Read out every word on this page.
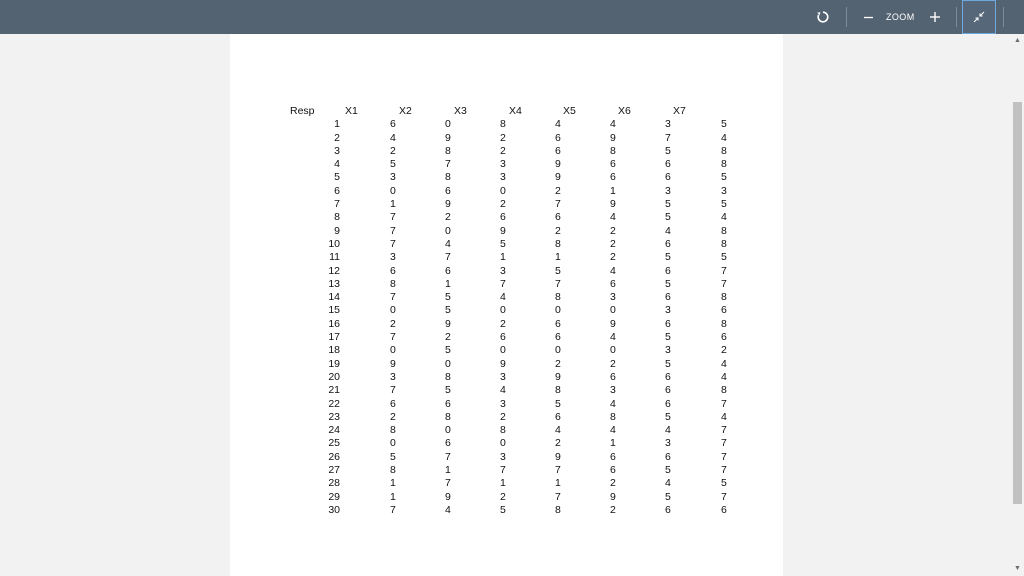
ZOOM
Resp	X1	X2	X3	X4	X5	X6	X7
1	6	0	8	4	4	3	5
2	4	9	2	6	9	7	4
3	2	8	2	6	8	5	8
4	5	7	3	9	6	6	8
5	3	8	3	9	6	6	5
6	0	6	0	2	1	3	3
7	1	9	2	7	9	5	5
8	7	2	6	6	4	5	4
9	7	0	9	2	2	4	8
10	7	4	5	8	2	6	8
11	3	7	1	1	2	5	5
12	6	6	3	5	4	6	7
13	8	1	7	7	6	5	7
14	7	5	4	8	3	6	8
15	0	5	0	0	0	3	6
16	2	9	2	6	9	6	8
17	7	2	6	6	4	5	6
18	0	5	0	0	0	3	2
19	9	0	9	2	2	5	4
20	3	8	3	9	6	6	4
21	7	5	4	8	3	6	8
22	6	6	3	5	4	6	7
23	2	8	2	6	8	5	4
24	8	0	8	4	4	4	7
25	0	6	0	2	1	3	7
26	5	7	3	9	6	6	7
27	8	1	7	7	6	5	7
28	1	7	1	1	2	4	5
29	1	9	2	7	9	5	7
30	7	4	5	8	2	6	6
▲
▼
